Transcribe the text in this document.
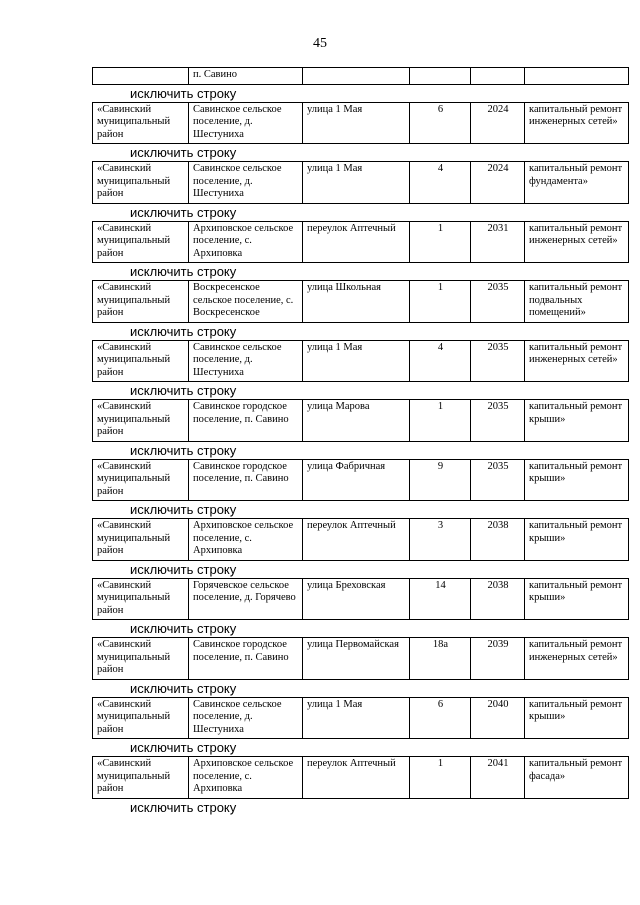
45
	п. Савино				
исключить строку
«Савинский муниципальный район	Савинское сельское поселение, д. Шестуниха	улица 1 Мая	6	2024	капитальный ремонт инженерных сетей»
исключить строку
«Савинский муниципальный район	Савинское сельское поселение, д. Шестуниха	улица 1 Мая	4	2024	капитальный ремонт фундамента»
исключить строку
«Савинский муниципальный район	Архиповское сельское поселение, с. Архиповка	переулок Аптечный	1	2031	капитальный ремонт инженерных сетей»
исключить строку
«Савинский муниципальный район	Воскресенское сельское поселение, с. Воскресенское	улица Школьная	1	2035	капитальный ремонт подвальных помещений»
исключить строку
«Савинский муниципальный район	Савинское сельское поселение, д. Шестуниха	улица 1 Мая	4	2035	капитальный ремонт инженерных сетей»
исключить строку
«Савинский муниципальный район	Савинское городское поселение, п. Савино	улица Марова	1	2035	капитальный ремонт крыши»
исключить строку
«Савинский муниципальный район	Савинское городское поселение, п. Савино	улица Фабричная	9	2035	капитальный ремонт крыши»
исключить строку
«Савинский муниципальный район	Архиповское сельское поселение, с. Архиповка	переулок Аптечный	3	2038	капитальный ремонт крыши»
исключить строку
«Савинский муниципальный район	Горячевское сельское поселение, д. Горячево	улица Бреховская	14	2038	капитальный ремонт крыши»
исключить строку
«Савинский муниципальный район	Савинское городское поселение, п. Савино	улица Первомайская	18а	2039	капитальный ремонт инженерных сетей»
исключить строку
«Савинский муниципальный район	Савинское сельское поселение, д. Шестуниха	улица 1 Мая	6	2040	капитальный ремонт крыши»
исключить строку
«Савинский муниципальный район	Архиповское сельское поселение, с. Архиповка	переулок Аптечный	1	2041	капитальный ремонт фасада»
исключить строку
